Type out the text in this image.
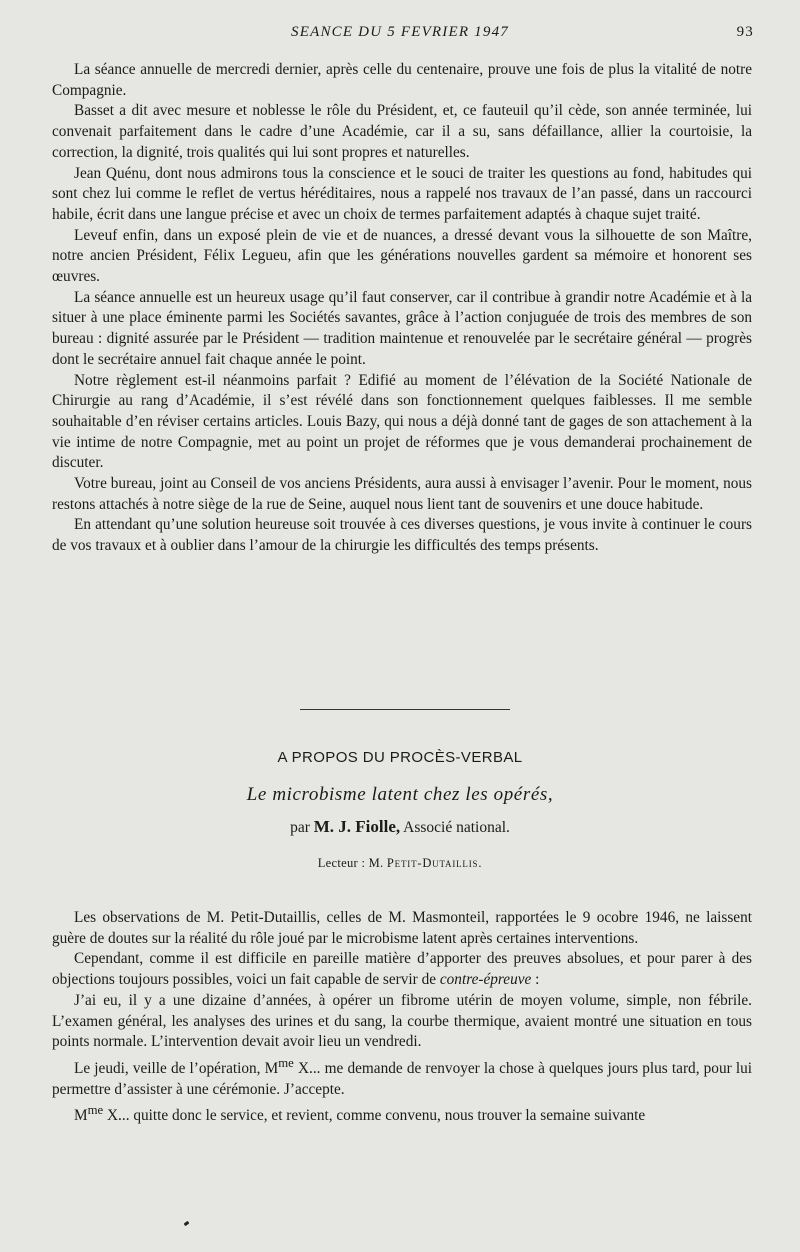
SEANCE DU 5 FEVRIER 1947	93

La séance annuelle de mercredi dernier, après celle du centenaire, prouve une fois de plus la vitalité de notre Compagnie.

Basset a dit avec mesure et noblesse le rôle du Président, et, ce fauteuil qu’il cède, son année terminée, lui convenait parfaitement dans le cadre d’une Académie, car il a su, sans défaillance, allier la courtoisie, la correction, la dignité, trois qualités qui lui sont propres et naturelles.

Jean Quénu, dont nous admirons tous la conscience et le souci de traiter les questions au fond, habitudes qui sont chez lui comme le reflet de vertus héréditaires, nous a rappelé nos travaux de l’an passé, dans un raccourci habile, écrit dans une langue précise et avec un choix de termes parfaitement adaptés à chaque sujet traité.

Leveuf enfin, dans un exposé plein de vie et de nuances, a dressé devant vous la silhouette de son Maître, notre ancien Président, Félix Legueu, afin que les générations nouvelles gardent sa mémoire et honorent ses œuvres.

La séance annuelle est un heureux usage qu’il faut conserver, car il contribue à grandir notre Académie et à la situer à une place éminente parmi les Sociétés savantes, grâce à l’action conjuguée de trois des membres de son bureau : dignité assurée par le Président — tradition maintenue et renouvelée par le secrétaire général — progrès dont le secrétaire annuel fait chaque année le point.

Notre règlement est-il néanmoins parfait ? Edifié au moment de l’élévation de la Société Nationale de Chirurgie au rang d’Académie, il s’est révélé dans son fonctionnement quelques faiblesses. Il me semble souhaitable d’en réviser certains articles. Louis Bazy, qui nous a déjà donné tant de gages de son attachement à la vie intime de notre Compagnie, met au point un projet de réformes que je vous demanderai prochainement de discuter.

Votre bureau, joint au Conseil de vos anciens Présidents, aura aussi à envisager l’avenir. Pour le moment, nous restons attachés à notre siège de la rue de Seine, auquel nous lient tant de souvenirs et une douce habitude.

En attendant qu’une solution heureuse soit trouvée à ces diverses questions, je vous invite à continuer le cours de vos travaux et à oublier dans l’amour de la chirurgie les difficultés des temps présents.

A PROPOS DU PROCÈS-VERBAL
Le microbisme latent chez les opérés,
par M. J. Fiolle, Associé national.
Lecteur : M. Petit-Dutaillis.

Les observations de M. Petit-Dutaillis, celles de M. Masmonteil, rapportées le 9 ocobre 1946, ne laissent guère de doutes sur la réalité du rôle joué par le microbisme latent après certaines interventions.

Cependant, comme il est difficile en pareille matière d’apporter des preuves absolues, et pour parer à des objections toujours possibles, voici un fait capable de servir de contre-épreuve :

J’ai eu, il y a une dizaine d’années, à opérer un fibrome utérin de moyen volume, simple, non fébrile. L’examen général, les analyses des urines et du sang, la courbe thermique, avaient montré une situation en tous points normale. L’intervention devait avoir lieu un vendredi.

Le jeudi, veille de l’opération, $M^{me}$ X... me demande de renvoyer la chose à quelques jours plus tard, pour lui permettre d’assister à une cérémonie. J’accepte.

$M^{me}$ X... quitte donc le service, et revient, comme convenu, nous trouver la semaine suivante
